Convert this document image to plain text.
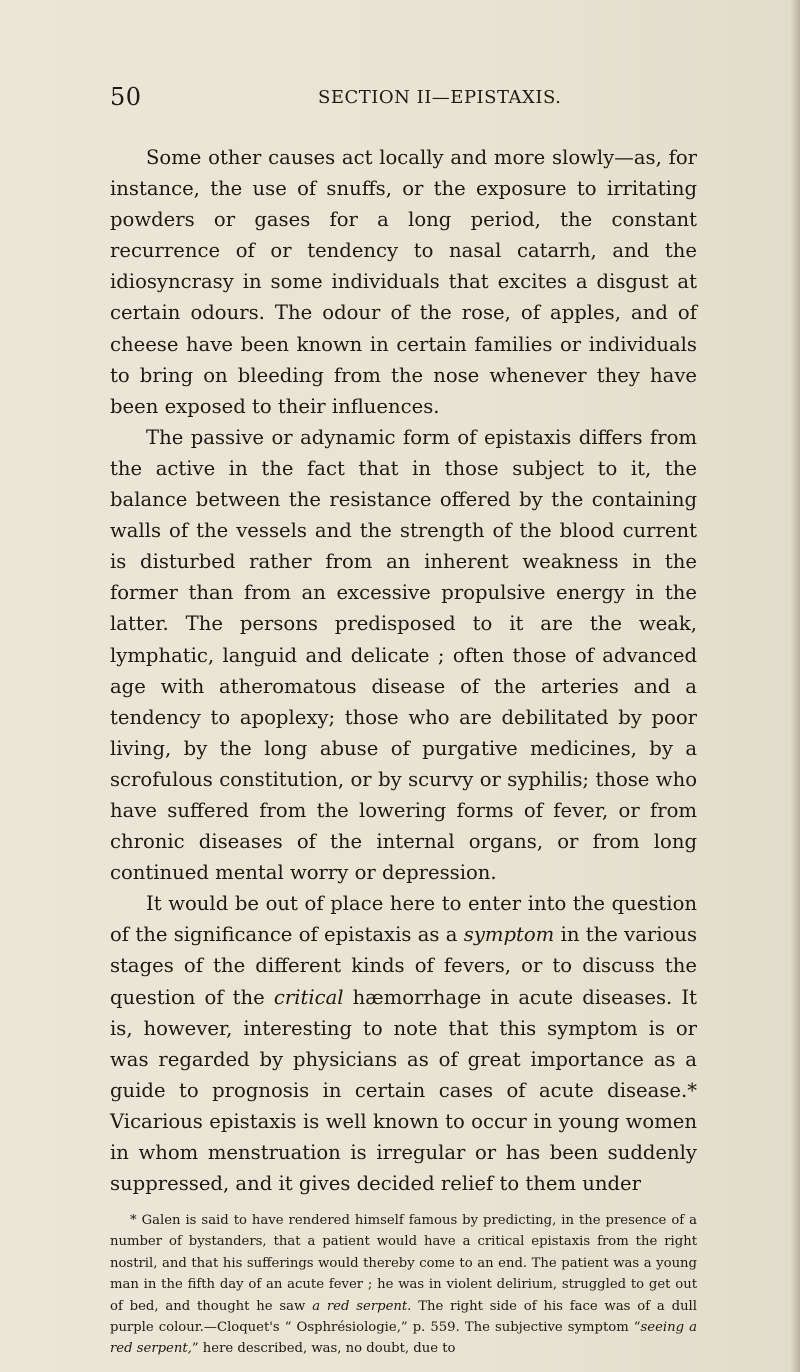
50	SECTION II—EPISTAXIS.

Some other causes act locally and more slowly—as, for instance, the use of snuffs, or the exposure to irritating powders or gases for a long period, the constant recurrence of or tendency to nasal catarrh, and the idiosyncrasy in some individuals that excites a disgust at certain odours. The odour of the rose, of apples, and of cheese have been known in certain families or individuals to bring on bleeding from the nose whenever they have been exposed to their influences.

The passive or adynamic form of epistaxis differs from the active in the fact that in those subject to it, the balance between the resistance offered by the containing walls of the vessels and the strength of the blood current is disturbed rather from an inherent weakness in the former than from an excessive propulsive energy in the latter. The persons predisposed to it are the weak, lymphatic, languid and delicate ; often those of advanced age with atheromatous disease of the arteries and a tendency to apoplexy; those who are debilitated by poor living, by the long abuse of purgative medicines, by a scrofulous constitution, or by scurvy or syphilis; those who have suffered from the lowering forms of fever, or from chronic diseases of the internal organs, or from long continued mental worry or depression.

It would be out of place here to enter into the question of the significance of epistaxis as a symptom in the various stages of the different kinds of fevers, or to discuss the question of the critical hæmorrhage in acute diseases. It is, however, interesting to note that this symptom is or was regarded by physicians as of great importance as a guide to prognosis in certain cases of acute disease.* Vicarious epistaxis is well known to occur in young women in whom menstruation is irregular or has been suddenly suppressed, and it gives decided relief to them under

* Galen is said to have rendered himself famous by predicting, in the presence of a number of bystanders, that a patient would have a critical epistaxis from the right nostril, and that his sufferings would thereby come to an end. The patient was a young man in the fifth day of an acute fever ; he was in violent delirium, struggled to get out of bed, and thought he saw a red serpent. The right side of his face was of a dull purple colour.—Cloquet's “ Osphrésiologie,” p. 559. The subjective symptom “seeing a red serpent,” here described, was, no doubt, due to
